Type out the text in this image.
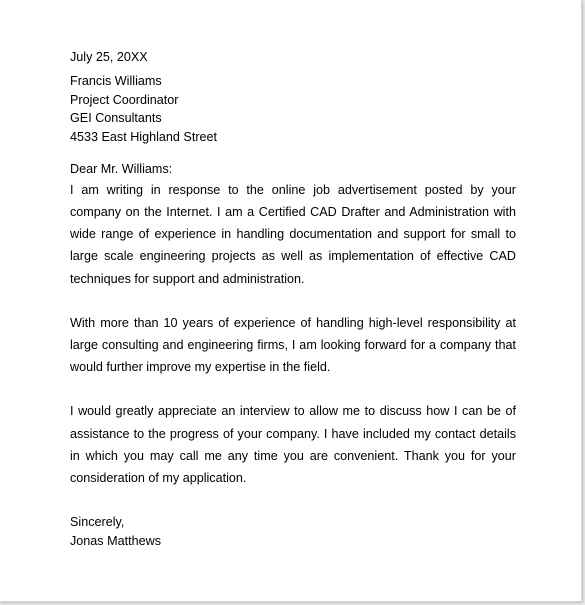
July 25, 20XX
Francis Williams
Project Coordinator
GEI Consultants
4533 East Highland Street
Dear Mr. Williams:

I am writing in response to the online job advertisement posted by your company on the Internet. I am a Certified CAD Drafter and Administration with wide range of experience in handling documentation and support for small to large scale engineering projects as well as implementation of effective CAD techniques for support and administration.

With more than 10 years of experience of handling high-level responsibility at large consulting and engineering firms, I am looking forward for a company that would further improve my expertise in the field.

I would greatly appreciate an interview to allow me to discuss how I can be of assistance to the progress of your company. I have included my contact details in which you may call me any time you are convenient. Thank you for your consideration of my application.

Sincerely,
Jonas Matthews
